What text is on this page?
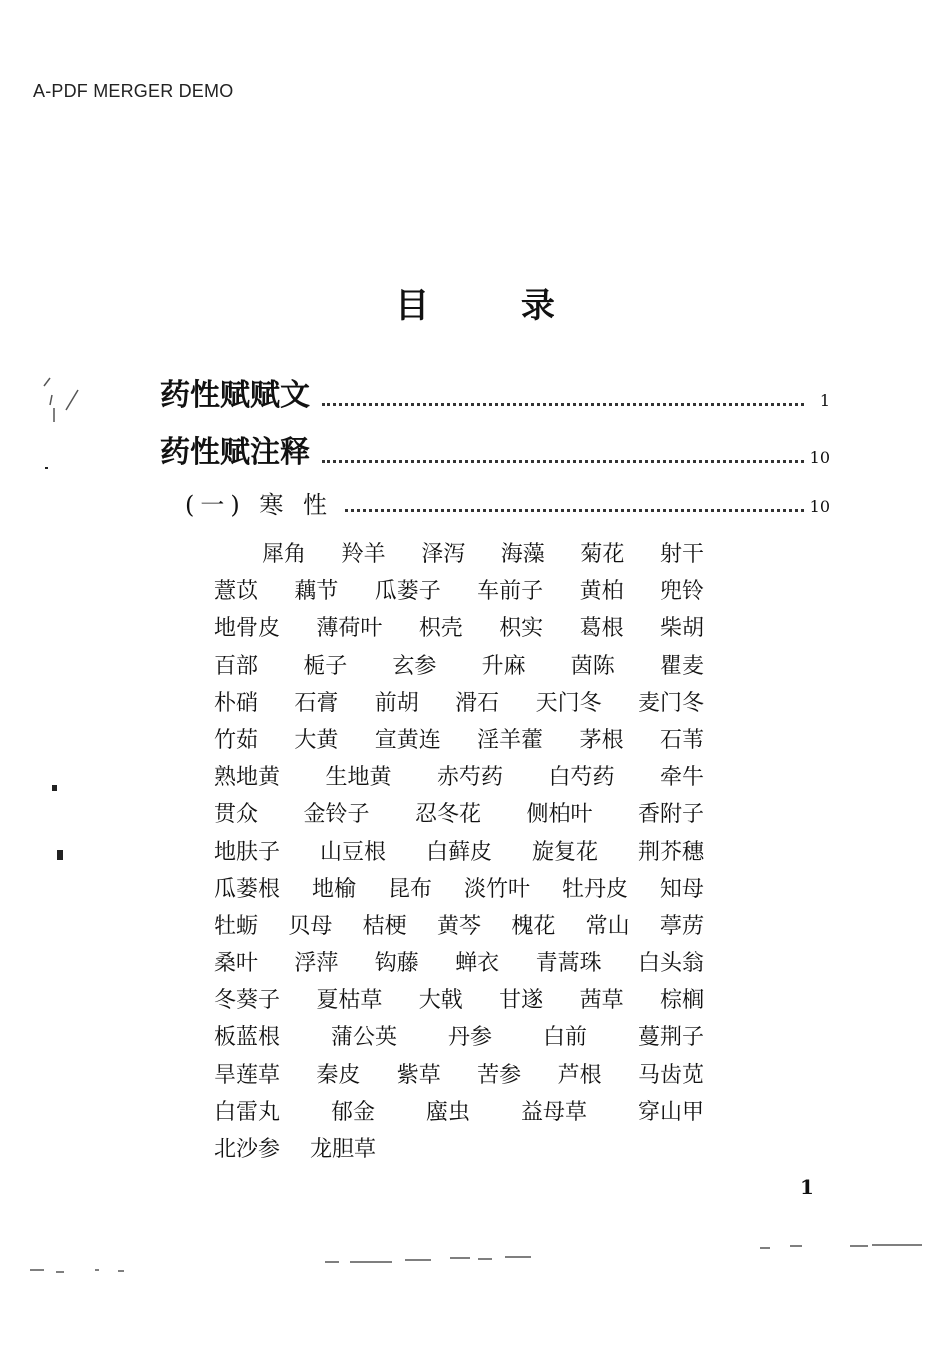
A-PDF MERGER DEMO
目	录
药性赋赋文	1
药性赋注释	10
(一) 寒 性	10
犀角 羚羊 泽泻 海藻 菊花 射干
薏苡 藕节 瓜蒌子 车前子 黄柏 兜铃
地骨皮 薄荷叶 枳壳 枳实 葛根 柴胡
百部 栀子 玄参 升麻 茵陈 瞿麦
朴硝 石膏 前胡 滑石 天门冬 麦门冬
竹茹 大黄 宣黄连 淫羊藿 茅根 石苇
熟地黄 生地黄 赤芍药 白芍药 牵牛
贯众 金铃子 忍冬花 侧柏叶 香附子
地肤子 山豆根 白藓皮 旋复花 荆芥穗
瓜蒌根 地榆 昆布 淡竹叶 牡丹皮 知母
牡蛎 贝母 桔梗 黄芩 槐花 常山 葶苈
桑叶 浮萍 钩藤 蝉衣 青蒿珠 白头翁
冬葵子 夏枯草 大戟 甘遂 茜草 棕榈
板蓝根 蒲公英 丹参 白前 蔓荆子
旱莲草 秦皮 紫草 苦参 芦根 马齿苋
白雷丸 郁金 䗪虫 益母草 穿山甲
北沙参 龙胆草
1
